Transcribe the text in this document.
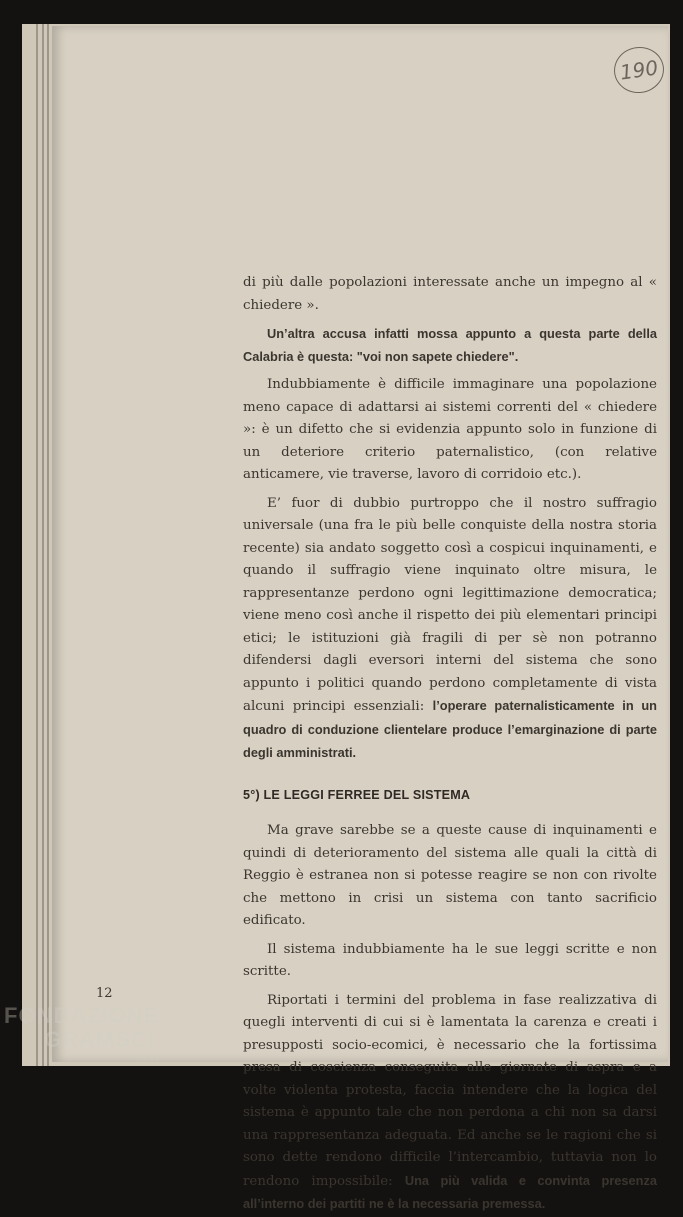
190

di più dalle popolazioni interessate anche un impegno al « chiedere ».

Un’altra accusa infatti mossa appunto a questa parte della Calabria è questa: "voi non sapete chiedere".

Indubbiamente è difficile immaginare una popolazione meno capace di adattarsi ai sistemi correnti del « chiedere »: è un difetto che si evidenzia appunto solo in funzione di un deteriore criterio paternalistico, (con relative anticamere, vie traverse, lavoro di corridoio etc.).

E’ fuor di dubbio purtroppo che il nostro suffragio universale (una fra le più belle conquiste della nostra storia recente) sia andato soggetto così a cospicui inquinamenti, e quando il suffragio viene inquinato oltre misura, le rappresentanze perdono ogni legittimazione democratica; viene meno così anche il rispetto dei più elementari principi etici; le istituzioni già fragili di per sè non potranno difendersi dagli eversori interni del sistema che sono appunto i politici quando perdono completamente di vista alcuni principi essenziali: l’operare paternalisticamente in un quadro di conduzione clientelare produce l’emarginazione di parte degli amministrati.

5°) LE LEGGI FERREE DEL SISTEMA

Ma grave sarebbe se a queste cause di inquinamenti e quindi di deterioramento del sistema alle quali la città di Reggio è estranea non si potesse reagire se non con rivolte che mettono in crisi un sistema con tanto sacrificio edificato.

Il sistema indubbiamente ha le sue leggi scritte e non scritte.

Riportati i termini del problema in fase realizzativa di quegli interventi di cui si è lamentata la carenza e creati i presupposti socio-ecomici, è necessario che la fortissima presa di coscienza conseguita alle giornate di aspra e a volte violenta protesta, faccia intendere che la logica del sistema è appunto tale che non perdona a chi non sa darsi una rappresentanza adeguata. Ed anche se le ragioni che si sono dette rendono difficile l’intercambio, tuttavia non lo rendono impossibile: Una più valida e convinta presenza all’interno dei partiti ne è la necessaria premessa.

12
FONDAZIONE
GRAMSCI
onlus
